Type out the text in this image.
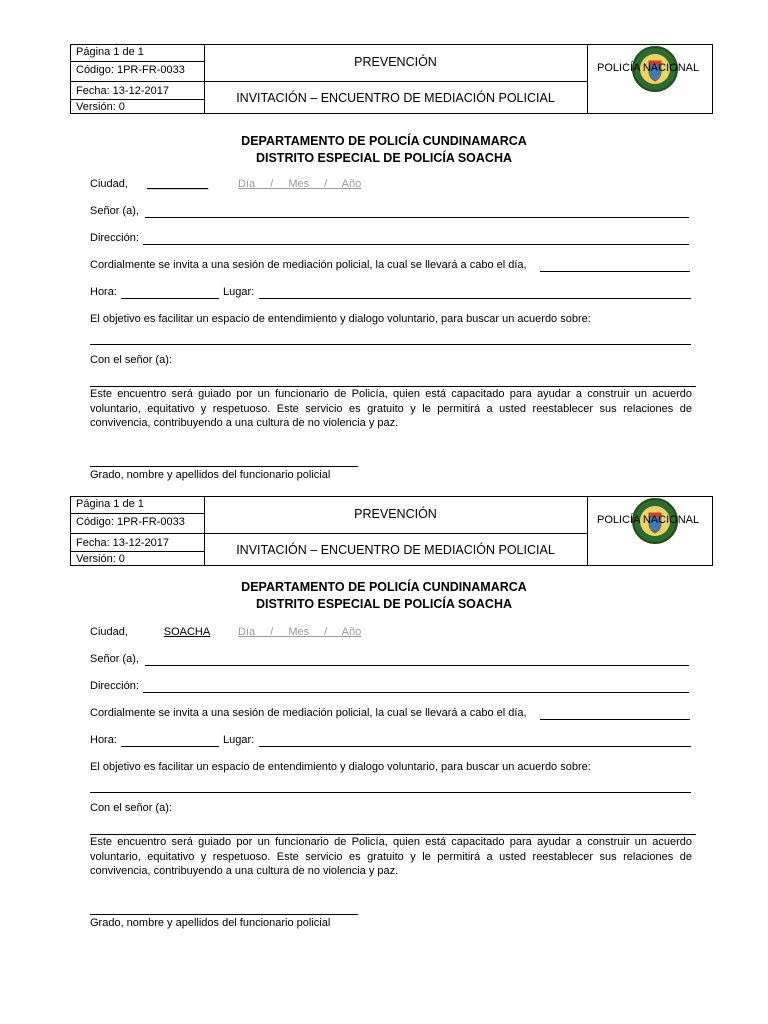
Página 1 de 1
Código: 1PR-FR-0033
Fecha: 13-12-2017
Versión: 0
PREVENCIÓN
INVITACIÓN – ENCUENTRO DE MEDIACIÓN POLICIAL
POLICÍA NACIONAL
DEPARTAMENTO DE POLICÍA CUNDINAMARCA
DISTRITO ESPECIAL DE POLICÍA SOACHA
Ciudad, __________	Día / Mes / Año
Señor (a),
Dirección:
Cordialmente se invita a una sesión de mediación policial, la cual se llevará a cabo el día,
Hora:	Lugar:
El objetivo es facilitar un espacio de entendimiento y dialogo voluntario, para buscar un acuerdo sobre:
Con el señor (a):
Este encuentro será guiado por un funcionario de Policía, quien está capacitado para ayudar a construir un acuerdo voluntario, equitativo y respetuoso. Este servicio es gratuito y le permitirá a usted reestablecer sus relaciones de convivencia, contribuyendo a una cultura de no violencia y paz.
Grado, nombre y apellidos del funcionario policial
Página 1 de 1
Código: 1PR-FR-0033
Fecha: 13-12-2017
Versión: 0
PREVENCIÓN
INVITACIÓN – ENCUENTRO DE MEDIACIÓN POLICIAL
POLICÍA NACIONAL
DEPARTAMENTO DE POLICÍA CUNDINAMARCA
DISTRITO ESPECIAL DE POLICÍA SOACHA
Ciudad,	SOACHA	Día / Mes / Año
Señor (a),
Dirección:
Cordialmente se invita a una sesión de mediación policial, la cual se llevará a cabo el día,
Hora:	Lugar:
El objetivo es facilitar un espacio de entendimiento y dialogo voluntario, para buscar un acuerdo sobre:
Con el señor (a):
Este encuentro será guiado por un funcionario de Policía, quien está capacitado para ayudar a construir un acuerdo voluntario, equitativo y respetuoso. Este servicio es gratuito y le permitirá a usted reestablecer sus relaciones de convivencia, contribuyendo a una cultura de no violencia y paz.
Grado, nombre y apellidos del funcionario policial
